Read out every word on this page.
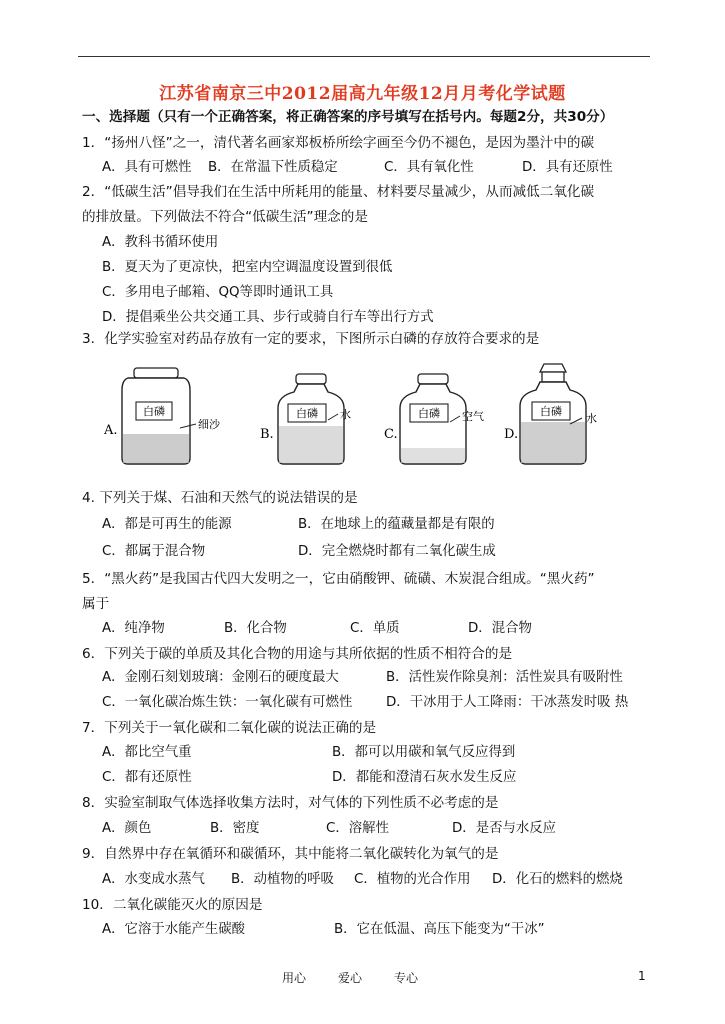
江苏省南京三中2012届高九年级12月月考化学试题
一、选择题（只有一个正确答案，将正确答案的序号填写在括号内。每题2分，共30分）
1．“扬州八怪”之一，清代著名画家郑板桥所绘字画至今仍不褪色，是因为墨汁中的碳
A．具有可燃性 B．在常温下性质稳定	C．具有氧化性	D．具有还原性
2．“低碳生活”倡导我们在生活中所耗用的能量、材料要尽量减少，从而减低二氧化碳
的排放量。下列做法不符合“低碳生活”理念的是
A．教科书循环使用
B．夏天为了更凉快，把室内空调温度设置到很低
C．多用电子邮箱、QQ等即时通讯工具
D．提倡乘坐公共交通工具、步行或骑自行车等出行方式
3．化学实验室对药品存放有一定的要求，下图所示白磷的存放符合要求的是
白磷
A.	细沙
白磷
B.
水	白磷
C.
空气	白磷
D.
水
4. 下列关于煤、石油和天然气的说法错误的是
A．都是可再生的能源	B．在地球上的蕴藏量都是有限的
C．都属于混合物	D．完全燃烧时都有二氧化碳生成
5．“黑火药”是我国古代四大发明之一，它由硝酸钾、硫磺、木炭混合组成。“黑火药”
属于
A．纯净物	B．化合物	C．单质	D．混合物
6．下列关于碳的单质及其化合物的用途与其所依据的性质不相符合的是
A．金刚石刻划玻璃：金刚石的硬度最大	B．活性炭作除臭剂：活性炭具有吸附性
C．一氧化碳冶炼生铁：一氧化碳有可燃性	D．干冰用于人工降雨：干冰蒸发时吸 热
7．下列关于一氧化碳和二氧化碳的说法正确的是
A．都比空气重	B．都可以用碳和氧气反应得到
C．都有还原性	D．都能和澄清石灰水发生反应
8．实验室制取气体选择收集方法时，对气体的下列性质不必考虑的是
A．颜色	B．密度	C．溶解性	D．是否与水反应
9．自然界中存在氧循环和碳循环，其中能将二氧化碳转化为氧气的是
A．水变成水蒸气 B．动植物的呼吸 C．植物的光合作用 D．化石的燃料的燃烧
10．二氧化碳能灭火的原因是
A．它溶于水能产生碳酸	B．它在低温、高压下能变为“干冰”
用心	爱心	专心	1
